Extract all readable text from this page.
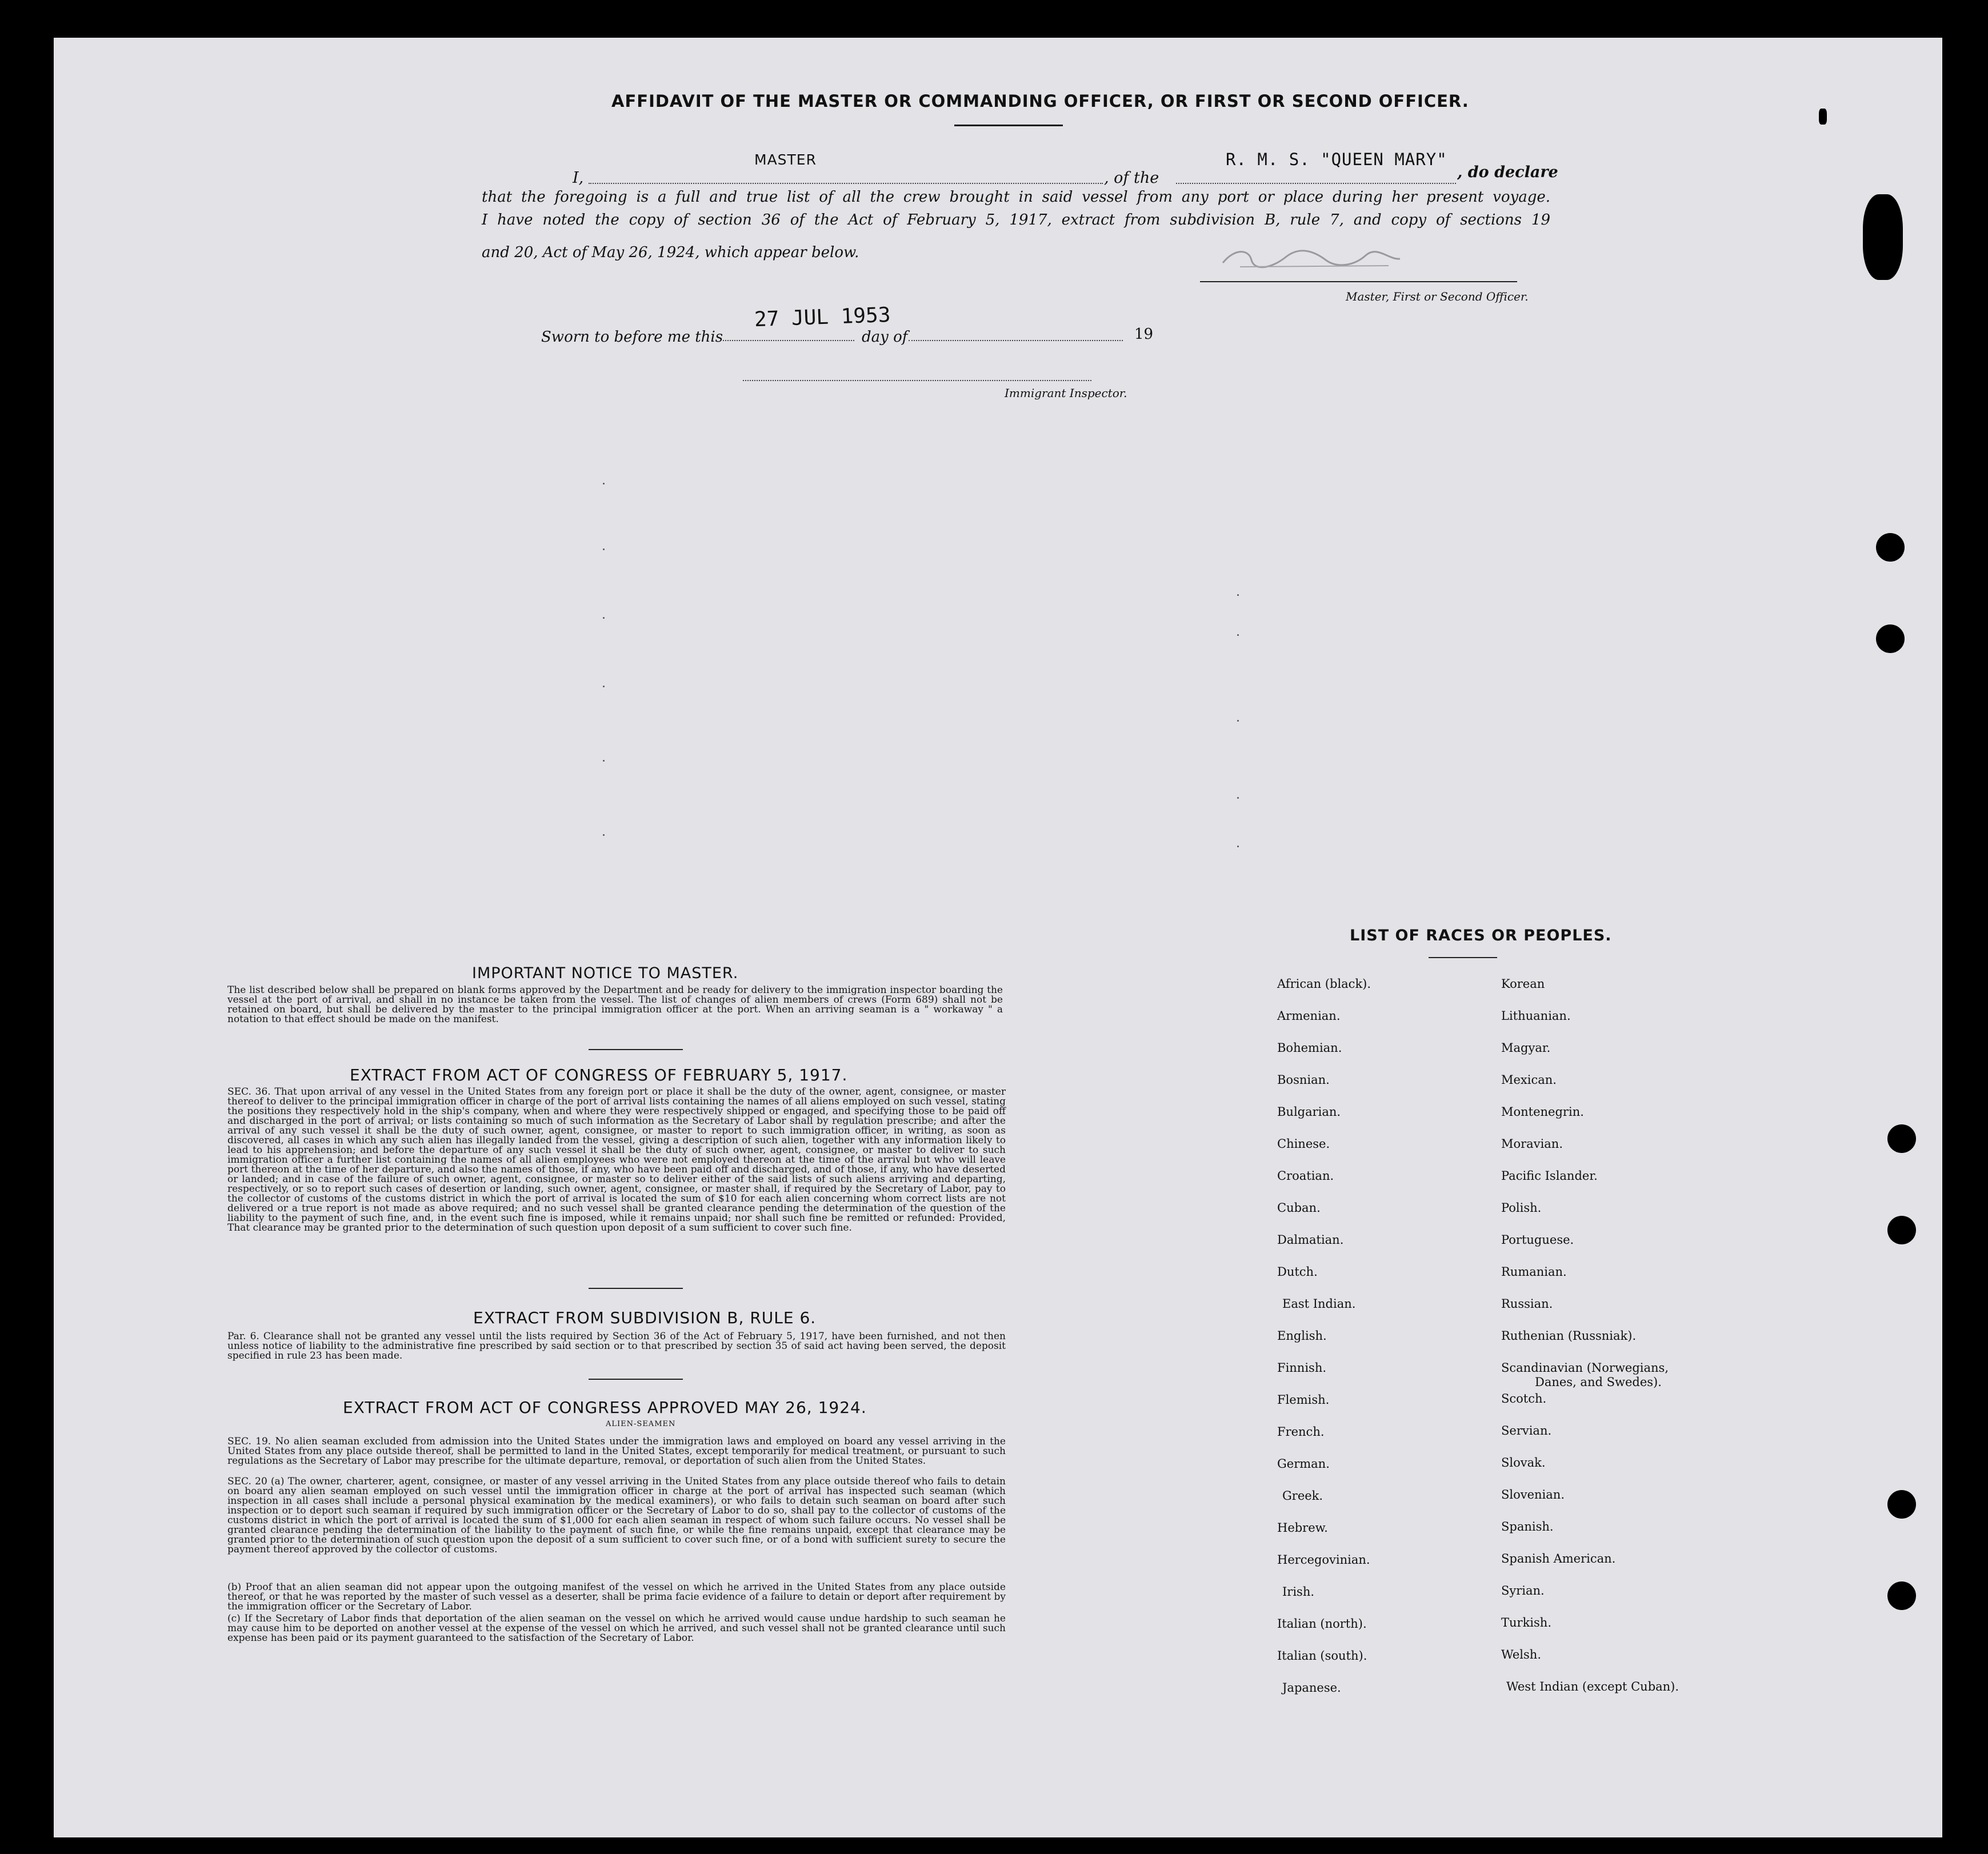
AFFIDAVIT OF THE MASTER OR COMMANDING OFFICER, OR FIRST OR SECOND OFFICER.
I,
MASTER
, of the
R. M. S. "QUEEN MARY"
, do declare
that the foregoing is a full and true list of all the crew brought in said vessel from any port or place during her present voyage.
I have noted the copy of section 36 of the Act of February 5, 1917, extract from subdivision B, rule 7, and copy of sections 19
and 20, Act of May 26, 1924, which appear below.
Master, First or Second Officer.
Sworn to before me this
27 JUL 1953
day of	19
Immigrant Inspector.
IMPORTANT NOTICE TO MASTER.
The list described below shall be prepared on blank forms approved by the Department and be ready for delivery to the immigration inspector boarding the vessel at the port of arrival, and shall in no instance be taken from the vessel. The list of changes of alien members of crews (Form 689) shall not be retained on board, but shall be delivered by the master to the principal immigration officer at the port. When an arriving seaman is a " workaway " a notation to that effect should be made on the manifest.
EXTRACT FROM ACT OF CONGRESS OF FEBRUARY 5, 1917.
SEC. 36. That upon arrival of any vessel in the United States from any foreign port or place it shall be the duty of the owner, agent, consignee, or master thereof to deliver to the principal immigration officer in charge of the port of arrival lists containing the names of all aliens employed on such vessel, stating the positions they respectively hold in the ship's company, when and where they were respectively shipped or engaged, and specifying those to be paid off and discharged in the port of arrival; or lists containing so much of such information as the Secretary of Labor shall by regulation prescribe; and after the arrival of any such vessel it shall be the duty of such owner, agent, consignee, or master to report to such immigration officer, in writing, as soon as discovered, all cases in which any such alien has illegally landed from the vessel, giving a description of such alien, together with any information likely to lead to his apprehension; and before the departure of any such vessel it shall be the duty of such owner, agent, consignee, or master to deliver to such immigration officer a further list containing the names of all alien employees who were not employed thereon at the time of the arrival but who will leave port thereon at the time of her departure, and also the names of those, if any, who have been paid off and discharged, and of those, if any, who have deserted or landed; and in case of the failure of such owner, agent, consignee, or master so to deliver either of the said lists of such aliens arriving and departing, respectively, or so to report such cases of desertion or landing, such owner, agent, consignee, or master shall, if required by the Secretary of Labor, pay to the collector of customs of the customs district in which the port of arrival is located the sum of $10 for each alien concerning whom correct lists are not delivered or a true report is not made as above required; and no such vessel shall be granted clearance pending the determination of the question of the liability to the payment of such fine, and, in the event such fine is imposed, while it remains unpaid; nor shall such fine be remitted or refunded: Provided, That clearance may be granted prior to the determination of such question upon deposit of a sum sufficient to cover such fine.
EXTRACT FROM SUBDIVISION B, RULE 6.
Par. 6. Clearance shall not be granted any vessel until the lists required by Section 36 of the Act of February 5, 1917, have been furnished, and not then unless notice of liability to the administrative fine prescribed by said section or to that prescribed by section 35 of said act having been served, the deposit specified in rule 23 has been made.
EXTRACT FROM ACT OF CONGRESS APPROVED MAY 26, 1924.
ALIEN-SEAMEN
SEC. 19. No alien seaman excluded from admission into the United States under the immigration laws and employed on board any vessel arriving in the United States from any place outside thereof, shall be permitted to land in the United States, except temporarily for medical treatment, or pursuant to such regulations as the Secretary of Labor may prescribe for the ultimate departure, removal, or deportation of such alien from the United States.
SEC. 20 (a) The owner, charterer, agent, consignee, or master of any vessel arriving in the United States from any place outside thereof who fails to detain on board any alien seaman employed on such vessel until the immigration officer in charge at the port of arrival has inspected such seaman (which inspection in all cases shall include a personal physical examination by the medical examiners), or who fails to detain such seaman on board after such inspection or to deport such seaman if required by such immigration officer or the Secretary of Labor to do so, shall pay to the collector of customs of the customs district in which the port of arrival is located the sum of $1,000 for each alien seaman in respect of whom such failure occurs. No vessel shall be granted clearance pending the determination of the liability to the payment of such fine, or while the fine remains unpaid, except that clearance may be granted prior to the determination of such question upon the deposit of a sum sufficient to cover such fine, or of a bond with sufficient surety to secure the payment thereof approved by the collector of customs.
(b) Proof that an alien seaman did not appear upon the outgoing manifest of the vessel on which he arrived in the United States from any place outside thereof, or that he was reported by the master of such vessel as a deserter, shall be prima facie evidence of a failure to detain or deport after requirement by the immigration officer or the Secretary of Labor.
(c) If the Secretary of Labor finds that deportation of the alien seaman on the vessel on which he arrived would cause undue hardship to such seaman he may cause him to be deported on another vessel at the expense of the vessel on which he arrived, and such vessel shall not be granted clearance until such expense has been paid or its payment guaranteed to the satisfaction of the Secretary of Labor.
LIST OF RACES OR PEOPLES.
African (black).
Armenian.
Bohemian.
Bosnian.
Bulgarian.
Chinese.
Croatian.
Cuban.
Dalmatian.
Dutch.
East Indian.
English.
Finnish.
Flemish.
French.
German.
Greek.
Hebrew.
Hercegovinian.
Irish.
Italian (north).
Italian (south).
Japanese.
Korean
Lithuanian.
Magyar.
Mexican.
Montenegrin.
Moravian.
Pacific Islander.
Polish.
Portuguese.
Rumanian.
Russian.
Ruthenian (Russniak).
Scandinavian (Norwegians,
Danes, and Swedes).
Scotch.
Servian.
Slovak.
Slovenian.
Spanish.
Spanish American.
Syrian.
Turkish.
Welsh.
West Indian (except Cuban).
